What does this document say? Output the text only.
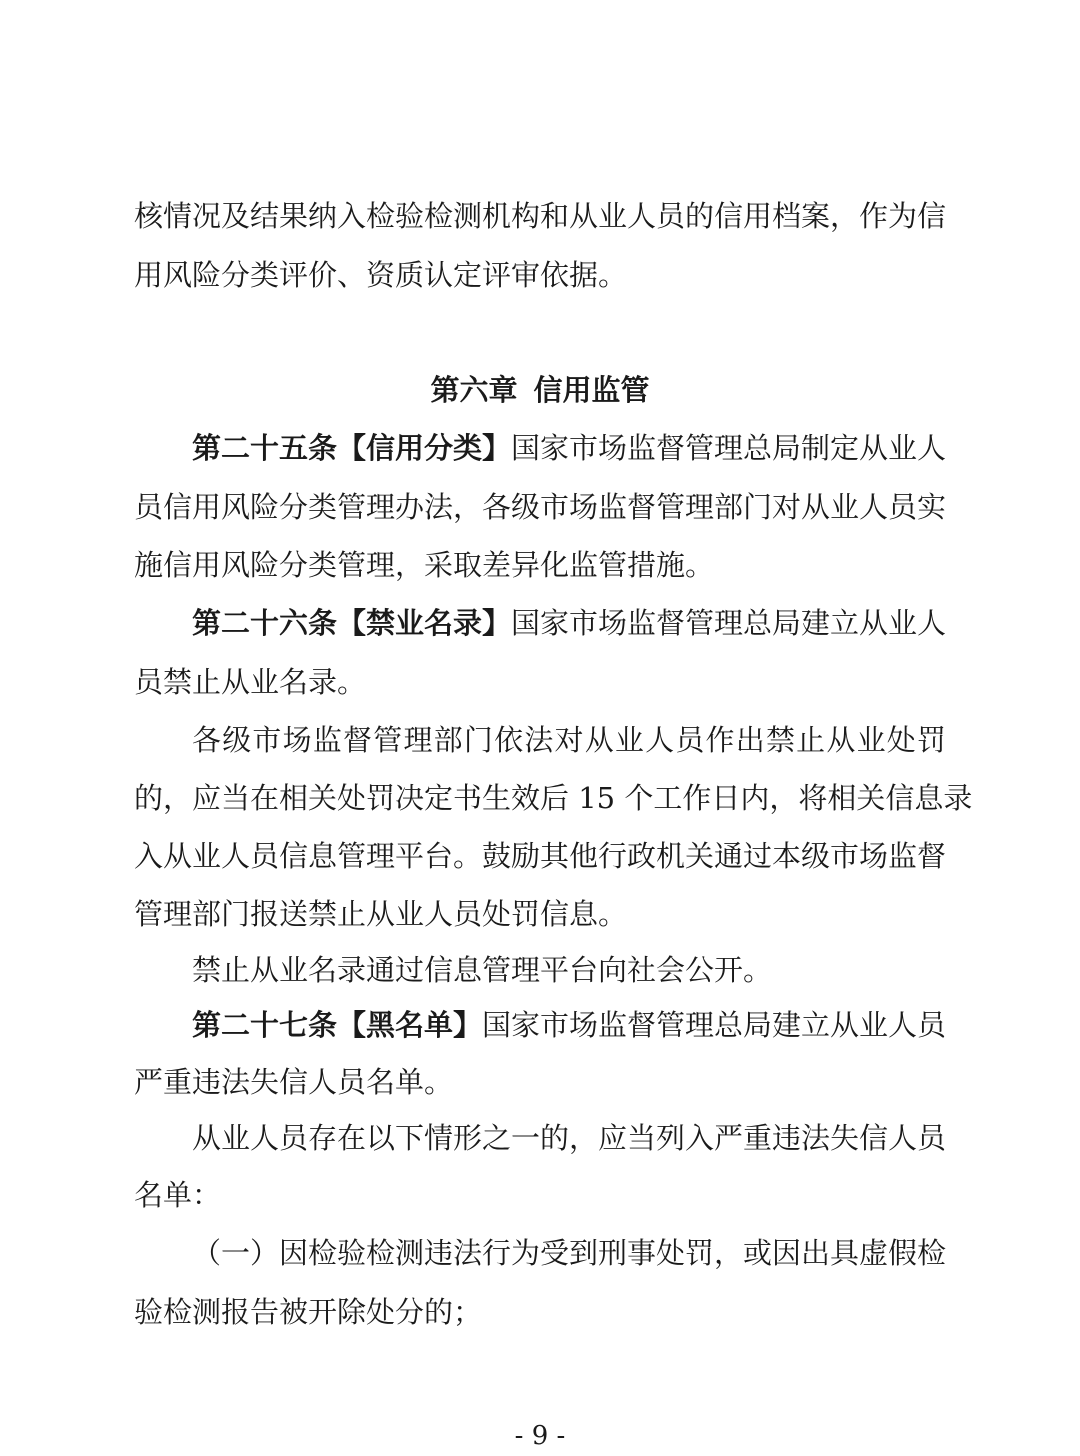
核情况及结果纳入检验检测机构和从业人员的信用档案，作为信
用风险分类评价、资质认定评审依据。
第六章 信用监管
第二十五条【信用分类】国家市场监督管理总局制定从业人
员信用风险分类管理办法，各级市场监督管理部门对从业人员实
施信用风险分类管理，采取差异化监管措施。
第二十六条【禁业名录】国家市场监督管理总局建立从业人
员禁止从业名录。
各级市场监督管理部门依法对从业人员作出禁止从业处罚
的，应当在相关处罚决定书生效后 15 个工作日内，将相关信息录
入从业人员信息管理平台。鼓励其他行政机关通过本级市场监督
管理部门报送禁止从业人员处罚信息。
禁止从业名录通过信息管理平台向社会公开。
第二十七条【黑名单】国家市场监督管理总局建立从业人员
严重违法失信人员名单。
从业人员存在以下情形之一的，应当列入严重违法失信人员
名单：
（一）因检验检测违法行为受到刑事处罚，或因出具虚假检
验检测报告被开除处分的；
- 9 -
